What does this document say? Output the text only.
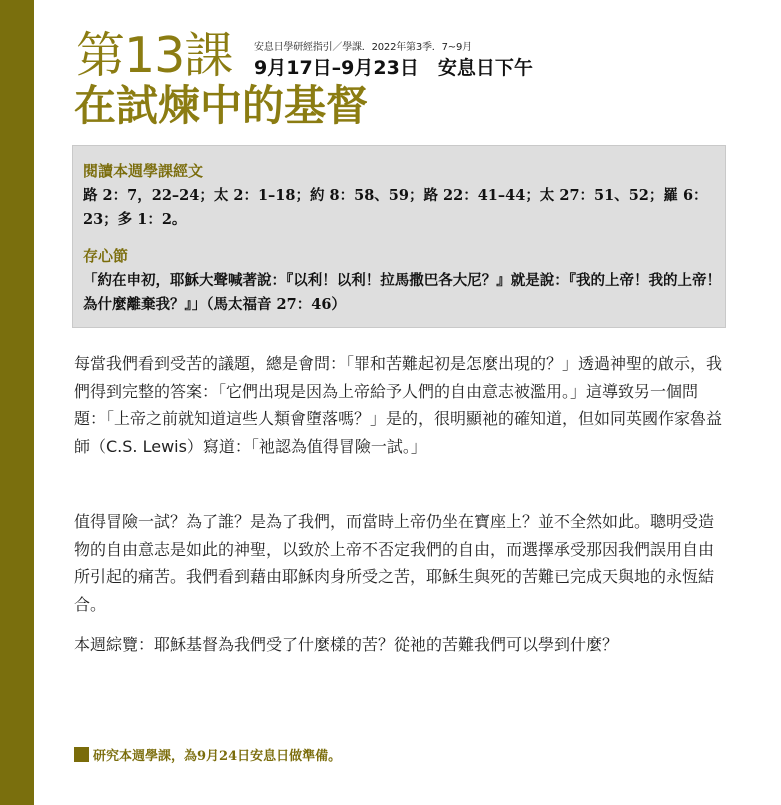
第13課 安息日學研經指引／學課．2022年第3季．7~9月
9月17日–9月23日　安息日下午
在試煉中的基督
閱讀本週學課經文

路 2：7，22–24；太 2：1–18；約 8：58、59；路 22：41–44；太 27：51、52；羅 6：23；多 1：2。

存心節

「約在申初，耶穌大聲喊著說：『以利！以利！拉馬撒巴各大尼？』就是說：『我的上帝！我的上帝！為什麼離棄我？』」（馬太福音 27：46）

每當我們看到受苦的議題，總是會問：「罪和苦難起初是怎麼出現的？」透過神聖的啟示，我們得到完整的答案：「它們出現是因為上帝給予人們的自由意志被濫用。」這導致另一個問題：「上帝之前就知道這些人類會墮落嗎？」是的，很明顯祂的確知道，但如同英國作家魯益師（C.S. Lewis）寫道：「祂認為值得冒險一試。」

值得冒險一試？為了誰？是為了我們，而當時上帝仍坐在寶座上？並不全然如此。聰明受造物的自由意志是如此的神聖，以致於上帝不否定我們的自由，而選擇承受那因我們誤用自由所引起的痛苦。我們看到藉由耶穌肉身所受之苦，耶穌生與死的苦難已完成天與地的永恆結合。

本週綜覽：耶穌基督為我們受了什麼樣的苦？從祂的苦難我們可以學到什麼？

研究本週學課，為9月24日安息日做準備。
